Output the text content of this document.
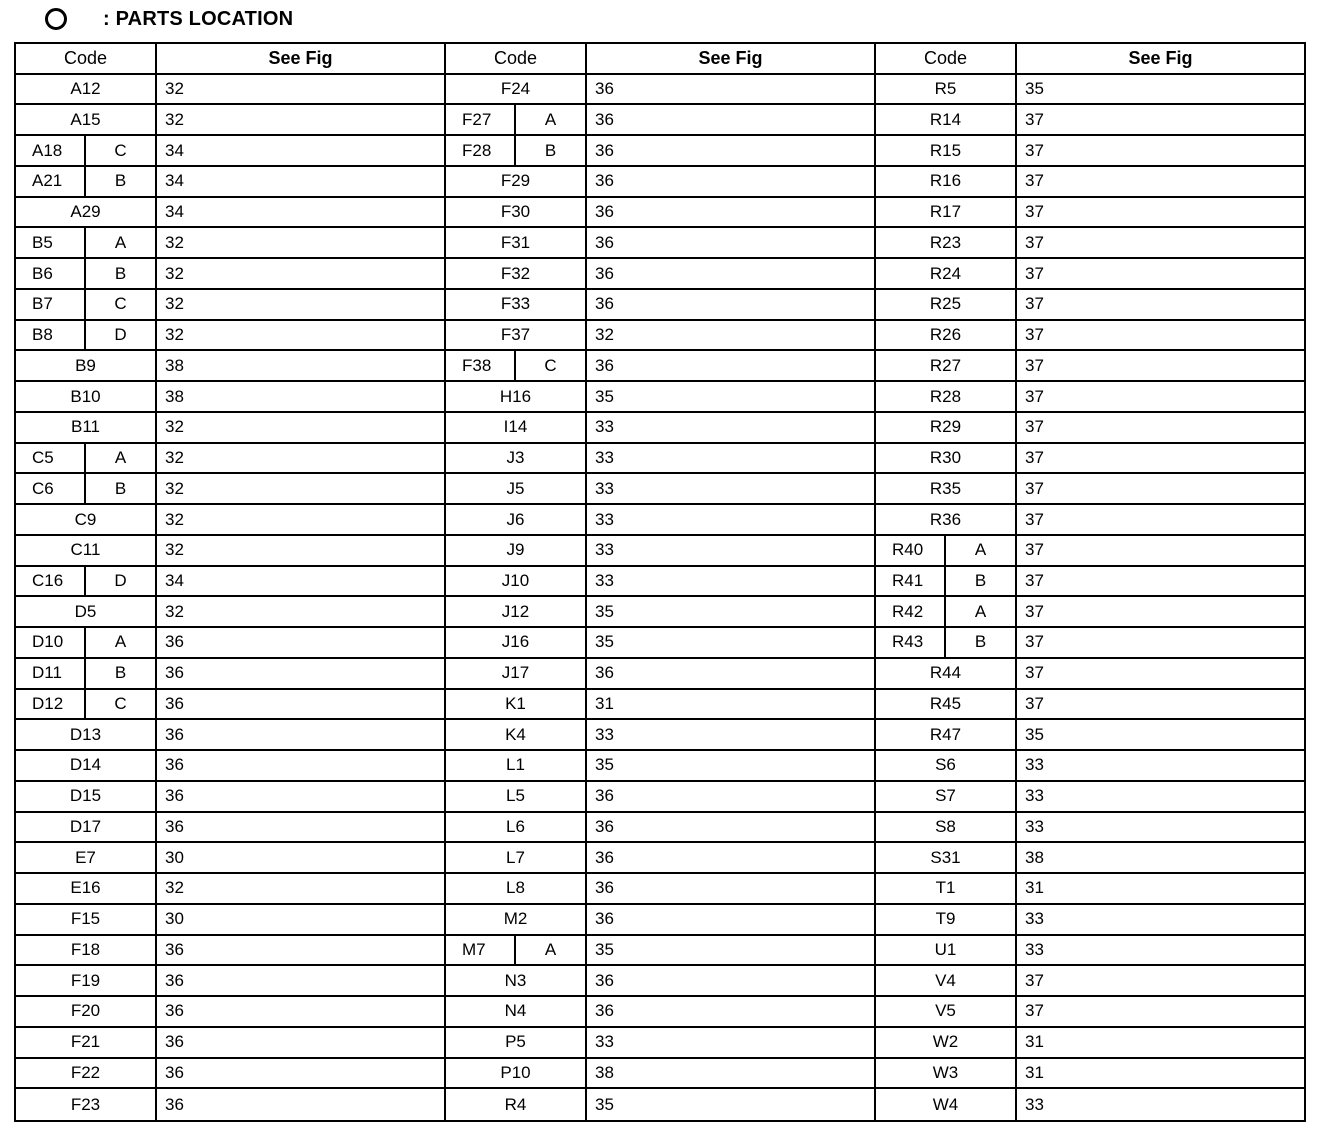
: PARTS LOCATION
Code	See Fig	Code	See Fig	Code	See Fig
A12	32	F24	36	R5	35
A15	32	F27	A	36	R14	37
A18	C	34	F28	B	36	R15	37
A21	B	34	F29	36	R16	37
A29	34	F30	36	R17	37
B5	A	32	F31	36	R23	37
B6	B	32	F32	36	R24	37
B7	C	32	F33	36	R25	37
B8	D	32	F37	32	R26	37
B9	38	F38	C	36	R27	37
B10	38	H16	35	R28	37
B11	32	I14	33	R29	37
C5	A	32	J3	33	R30	37
C6	B	32	J5	33	R35	37
C9	32	J6	33	R36	37
C11	32	J9	33	R40	A	37
C16	D	34	J10	33	R41	B	37
D5	32	J12	35	R42	A	37
D10	A	36	J16	35	R43	B	37
D11	B	36	J17	36	R44	37
D12	C	36	K1	31	R45	37
D13	36	K4	33	R47	35
D14	36	L1	35	S6	33
D15	36	L5	36	S7	33
D17	36	L6	36	S8	33
E7	30	L7	36	S31	38
E16	32	L8	36	T1	31
F15	30	M2	36	T9	33
F18	36	M7	A	35	U1	33
F19	36	N3	36	V4	37
F20	36	N4	36	V5	37
F21	36	P5	33	W2	31
F22	36	P10	38	W3	31
F23	36	R4	35	W4	33
